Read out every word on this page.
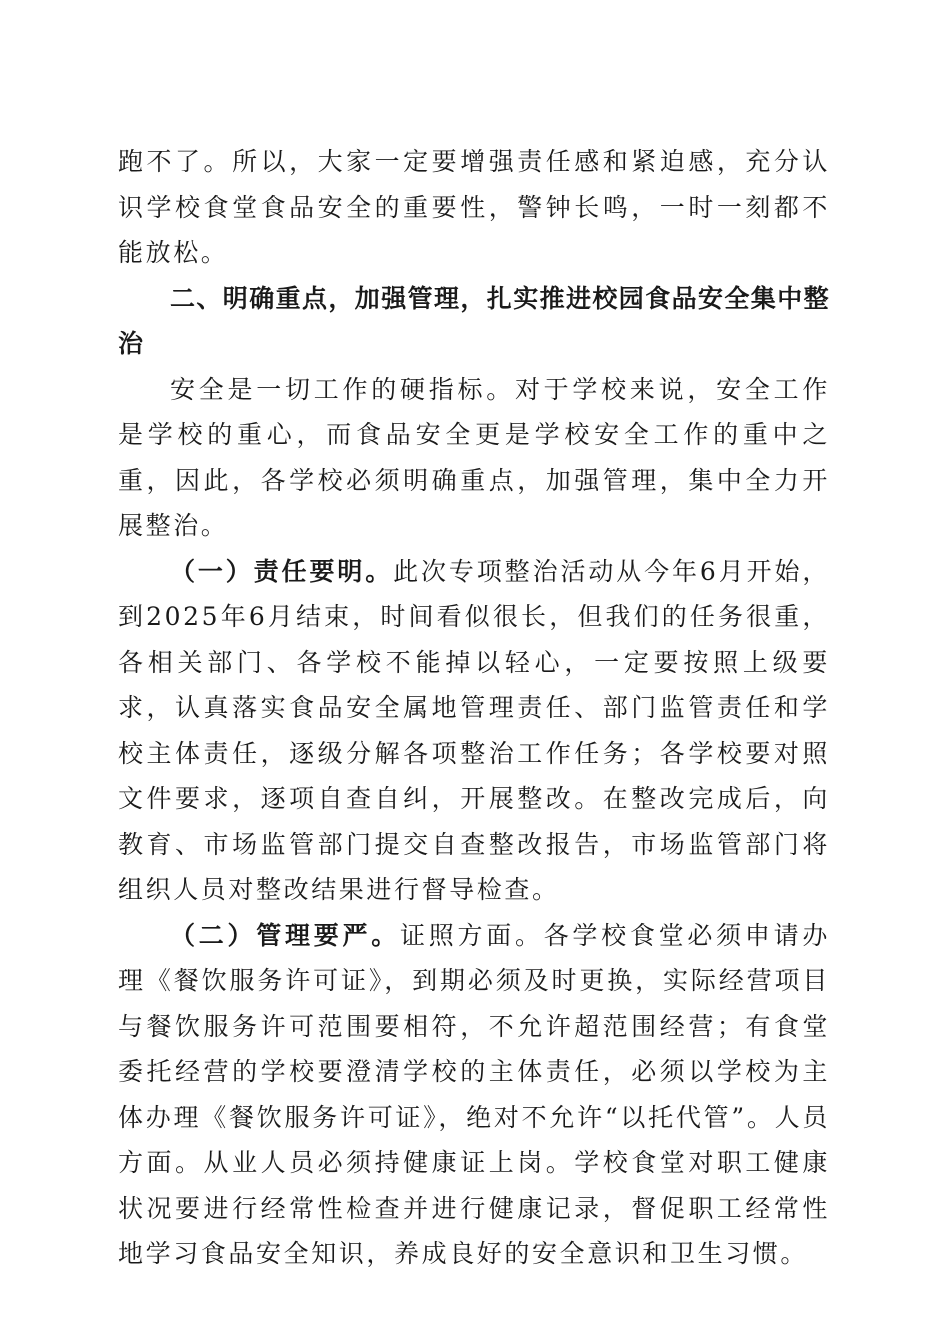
跑不了。所以，大家一定要增强责任感和紧迫感，充分认识学校食堂食品安全的重要性，警钟长鸣，一时一刻都不能放松。

二、明确重点，加强管理，扎实推进校园食品安全集中整治

安全是一切工作的硬指标。对于学校来说，安全工作是学校的重心，而食品安全更是学校安全工作的重中之重，因此，各学校必须明确重点，加强管理，集中全力开展整治。

（一）责任要明。此次专项整治活动从今年6月开始，到2025年6月结束，时间看似很长，但我们的任务很重，各相关部门、各学校不能掉以轻心，一定要按照上级要求，认真落实食品安全属地管理责任、部门监管责任和学校主体责任，逐级分解各项整治工作任务；各学校要对照文件要求，逐项自查自纠，开展整改。在整改完成后，向教育、市场监管部门提交自查整改报告，市场监管部门将组织人员对整改结果进行督导检查。

（二）管理要严。证照方面。各学校食堂必须申请办理《餐饮服务许可证》，到期必须及时更换，实际经营项目与餐饮服务许可范围要相符，不允许超范围经营；有食堂委托经营的学校要澄清学校的主体责任，必须以学校为主体办理《餐饮服务许可证》，绝对不允许“以托代管”。人员方面。从业人员必须持健康证上岗。学校食堂对职工健康状况要进行经常性检查并进行健康记录，督促职工经常性地学习食品安全知识，养成良好的安全意识和卫生习惯。
